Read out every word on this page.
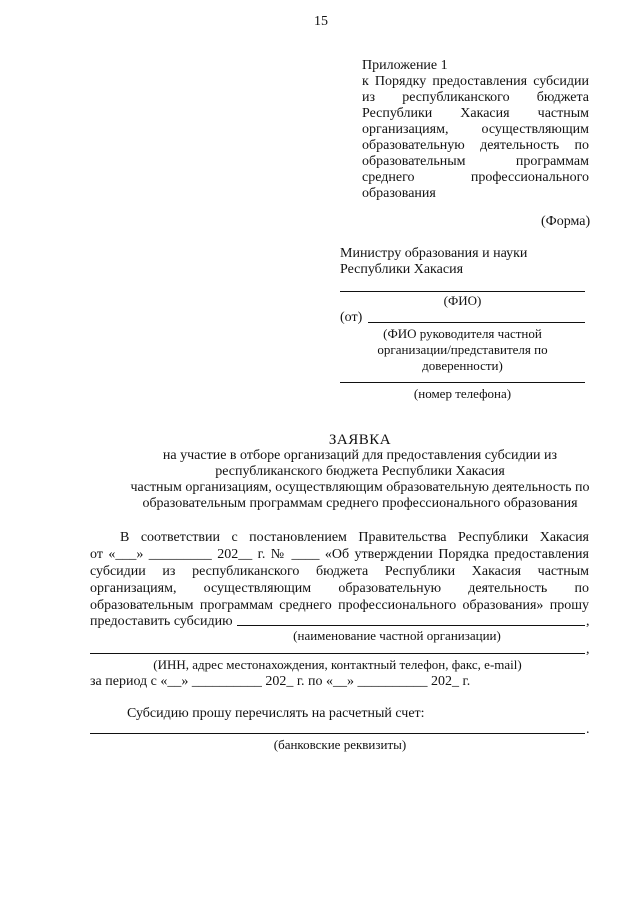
15
Приложение 1
к Порядку предоставления субсидии
из республиканского бюджета
Республики Хакасия частным
организациям, осуществляющим
образовательную деятельность по
образовательным программам
среднего профессионального
образования
(Форма)
Министру образования и науки
Республики Хакасия
(ФИО)
(от)
(ФИО руководителя частной
организации/представителя по
доверенности)
(номер телефона)
ЗАЯВКА
на участие в отборе организаций для предоставления субсидии из
республиканского бюджета Республики Хакасия
частным организациям, осуществляющим образовательную деятельность по
образовательным программам среднего профессионального образования
В соответствии с постановлением Правительства Республики Хакасия
от «___» _________ 202__ г. № ____ «Об утверждении Порядка предоставления
субсидии из республиканского бюджета Республики Хакасия частным
организациям, осуществляющим образовательную деятельность по
образовательным программам среднего профессионального образования» прошу
предоставить субсидию	,
(наименование частной организации)
,
(ИНН, адрес местонахождения, контактный телефон, факс, e-mail)
за период с «__» __________ 202_ г. по «__» __________ 202_ г.
Субсидию прошу перечислять на расчетный счет:
.
(банковские реквизиты)
